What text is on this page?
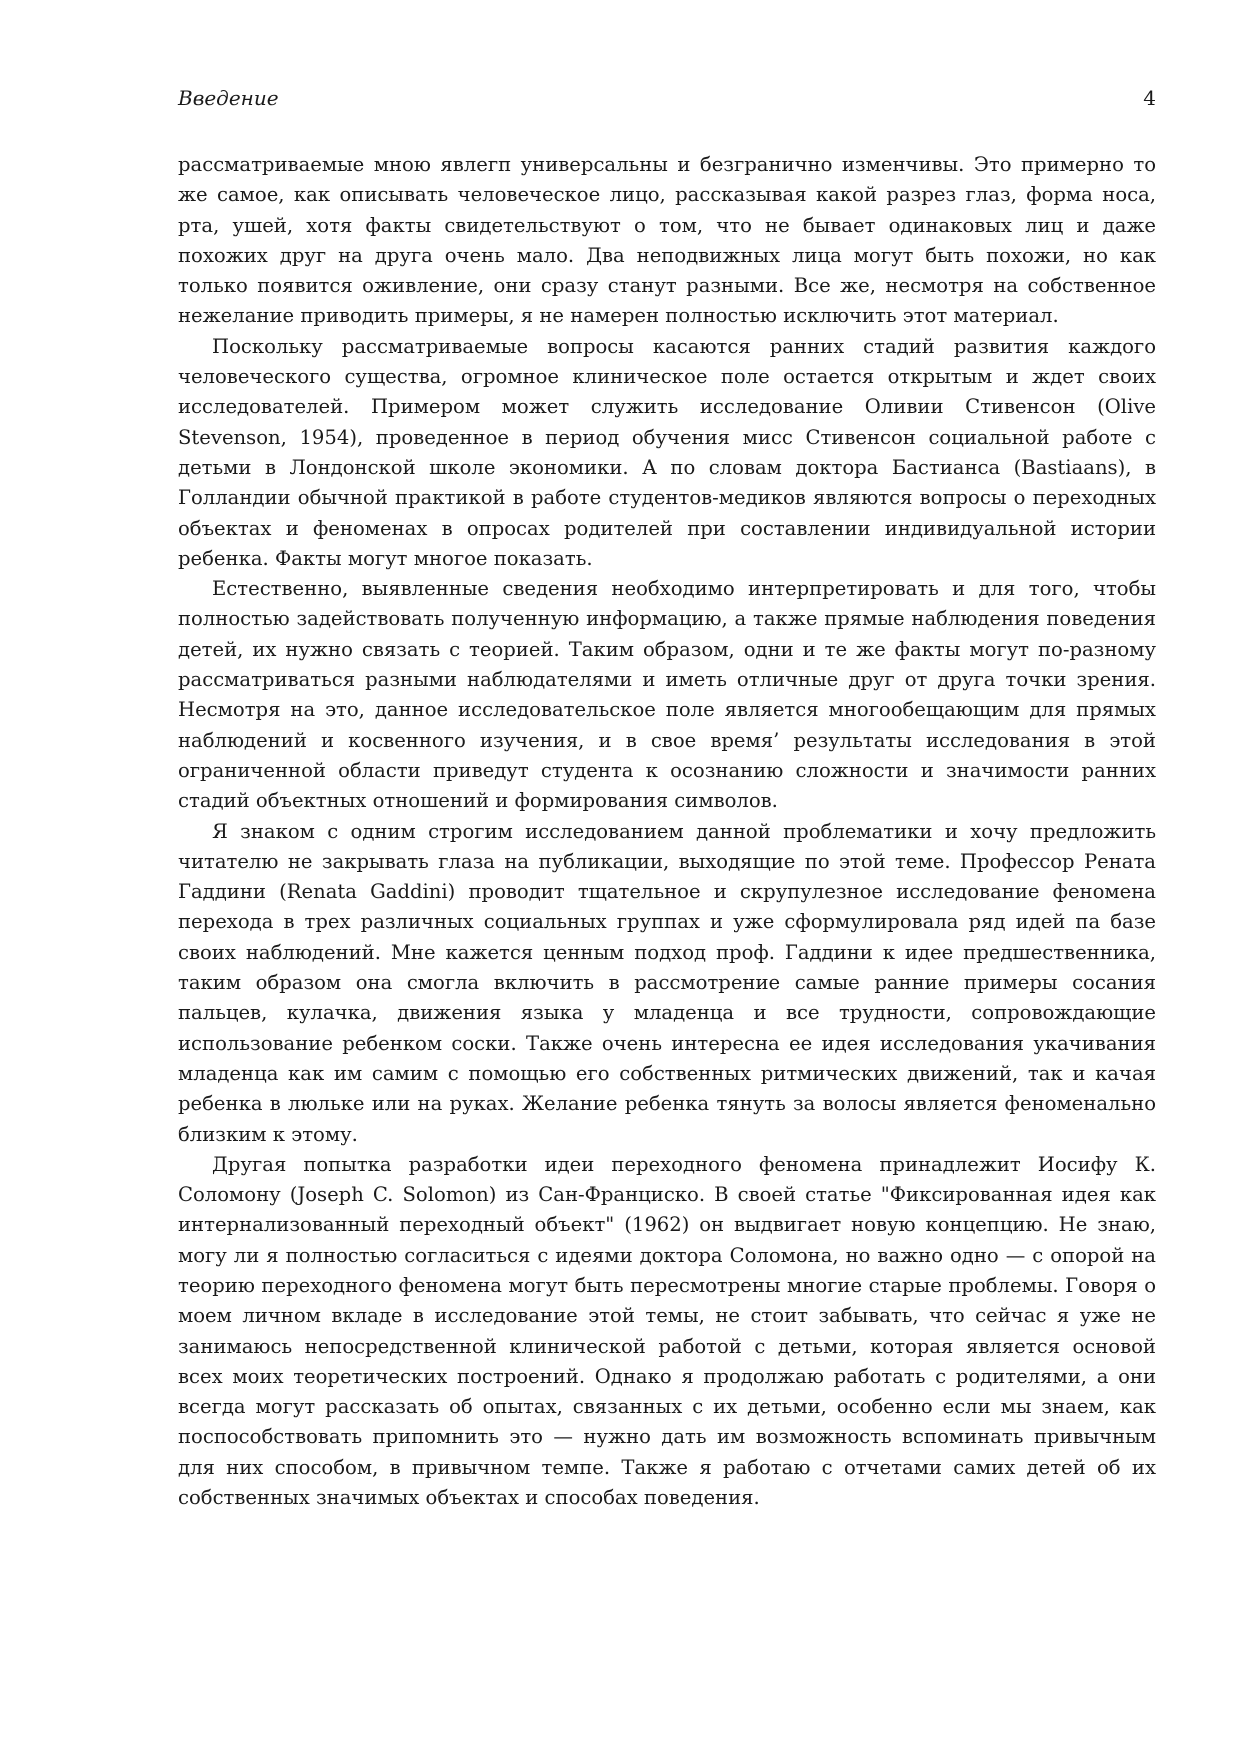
Введение	4

рассматриваемые мною явлегп универсальны и безгранично изменчивы. Это примерно то же самое, как описывать человеческое лицо, рассказывая какой разрез глаз, форма носа, рта, ушей, хотя факты свидетельствуют о том, что не бывает одинаковых лиц и даже похожих друг на друга очень мало. Два неподвижных лица могут быть похожи, но как только появится оживление, они сразу станут разными. Все же, несмотря на собственное нежелание приводить примеры, я не намерен полностью исключить этот материал.

Поскольку рассматриваемые вопросы касаются ранних стадий развития каждого человеческого существа, огромное клиническое поле остается открытым и ждет своих исследователей. Примером может служить исследование Оливии Стивенсон (Olive Stevenson, 1954), проведенное в период обучения мисс Стивенсон социальной работе с детьми в Лондонской школе экономики. А по словам доктора Бастианса (Bastiaans), в Голландии обычной практикой в работе студентов-медиков являются вопросы о переходных объектах и феноменах в опросах родителей при составлении индивидуальной истории ребенка. Факты могут многое показать.

Естественно, выявленные сведения необходимо интерпретировать и для того, чтобы полностью задействовать полученную информацию, а также прямые наблюдения поведения детей, их нужно связать с теорией. Таким образом, одни и те же факты могут по-разному рассматриваться разными наблюдателями и иметь отличные друг от друга точки зрения. Несмотря на это, данное исследовательское поле является многообещающим для прямых наблюдений и косвенного изучения, и в свое время’ результаты исследования в этой ограниченной области приведут студента к осознанию сложности и значимости ранних стадий объектных отношений и формирования символов.

Я знаком с одним строгим исследованием данной проблематики и хочу предложить читателю не закрывать глаза на публикации, выходящие по этой теме. Профессор Рената Гаддини (Renata Gaddini) проводит тщательное и скрупулезное исследование феномена перехода в трех различных социальных группах и уже сформулировала ряд идей па базе своих наблюдений. Мне кажется ценным подход проф. Гаддини к идее предшественника, таким образом она смогла включить в рассмотрение самые ранние примеры сосания пальцев, кулачка, движения языка у младенца и все трудности, сопровождающие использование ребенком соски. Также очень интересна ее идея исследования укачивания младенца как им самим с помощью его собственных ритмических движений, так и качая ребенка в люльке или на руках. Желание ребенка тянуть за волосы является феноменально близким к этому.

Другая попытка разработки идеи переходного феномена принадлежит Иосифу К. Соломону (Joseph C. Solomon) из Сан-Франциско. В своей статье "Фиксированная идея как интернализованный переходный объект" (1962) он выдвигает новую концепцию. Не знаю, могу ли я полностью согласиться с идеями доктора Соломона, но важно одно — с опорой на теорию переходного феномена могут быть пересмотрены многие старые проблемы. Говоря о моем личном вкладе в исследование этой темы, не стоит забывать, что сейчас я уже не занимаюсь непосредственной клинической работой с детьми, которая является основой всех моих теоретических построений. Однако я продолжаю работать с родителями, а они всегда могут рассказать об опытах, связанных с их детьми, особенно если мы знаем, как поспособствовать припомнить это — нужно дать им возможность вспоминать привычным для них способом, в привычном темпе. Также я работаю с отчетами самих детей об их собственных значимых объектах и способах поведения.
